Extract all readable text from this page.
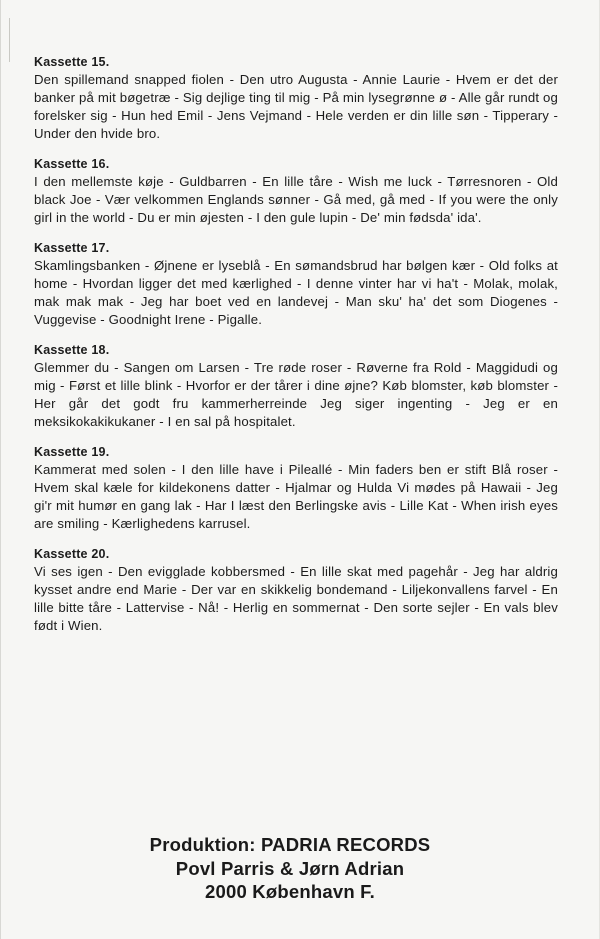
Kassette 15.
Den spillemand snapped fiolen - Den utro Augusta - Annie Laurie - Hvem er det der banker på mit bøgetræ - Sig dejlige ting til mig - På min lysegrønne ø - Alle går rundt og forelsker sig - Hun hed Emil - Jens Vejmand - Hele verden er din lille søn - Tipperary - Under den hvide bro.
Kassette 16.
I den mellemste køje - Guldbarren - En lille tåre - Wish me luck - Tørresnoren - Old black Joe - Vær velkommen Englands sønner - Gå med, gå med - If you were the only girl in the world - Du er min øjesten - I den gule lupin - De' min fødsda' ida'.
Kassette 17.
Skamlingsbanken - Øjnene er lyseblå - En sømandsbrud har bølgen kær - Old folks at home - Hvordan ligger det med kærlighed - I denne vinter har vi ha't - Molak, molak, mak mak mak - Jeg har boet ved en landevej - Man sku' ha' det som Diogenes - Vuggevise - Goodnight Irene - Pigalle.
Kassette 18.
Glemmer du - Sangen om Larsen - Tre røde roser - Røverne fra Rold - Maggidudi og mig - Først et lille blink - Hvorfor er der tårer i dine øjne? Køb blomster, køb blomster - Her går det godt fru kammerherreinde Jeg siger ingenting - Jeg er en meksikokakikukaner - I en sal på hospitalet.
Kassette 19.
Kammerat med solen - I den lille have i Pileallé - Min faders ben er stift Blå roser - Hvem skal kæle for kildekonens datter - Hjalmar og Hulda Vi mødes på Hawaii - Jeg gi'r mit humør en gang lak - Har I læst den Berlingske avis - Lille Kat - When irish eyes are smiling - Kærlighedens karrusel.
Kassette 20.
Vi ses igen - Den evigglade kobbersmed - En lille skat med pagehår - Jeg har aldrig kysset andre end Marie - Der var en skikkelig bondemand - Liljekonvallens farvel - En lille bitte tåre - Lattervise - Nå! - Herlig en sommernat - Den sorte sejler - En vals blev født i Wien.
Produktion: PADRIA RECORDS
Povl Parris & Jørn Adrian
2000 København F.
